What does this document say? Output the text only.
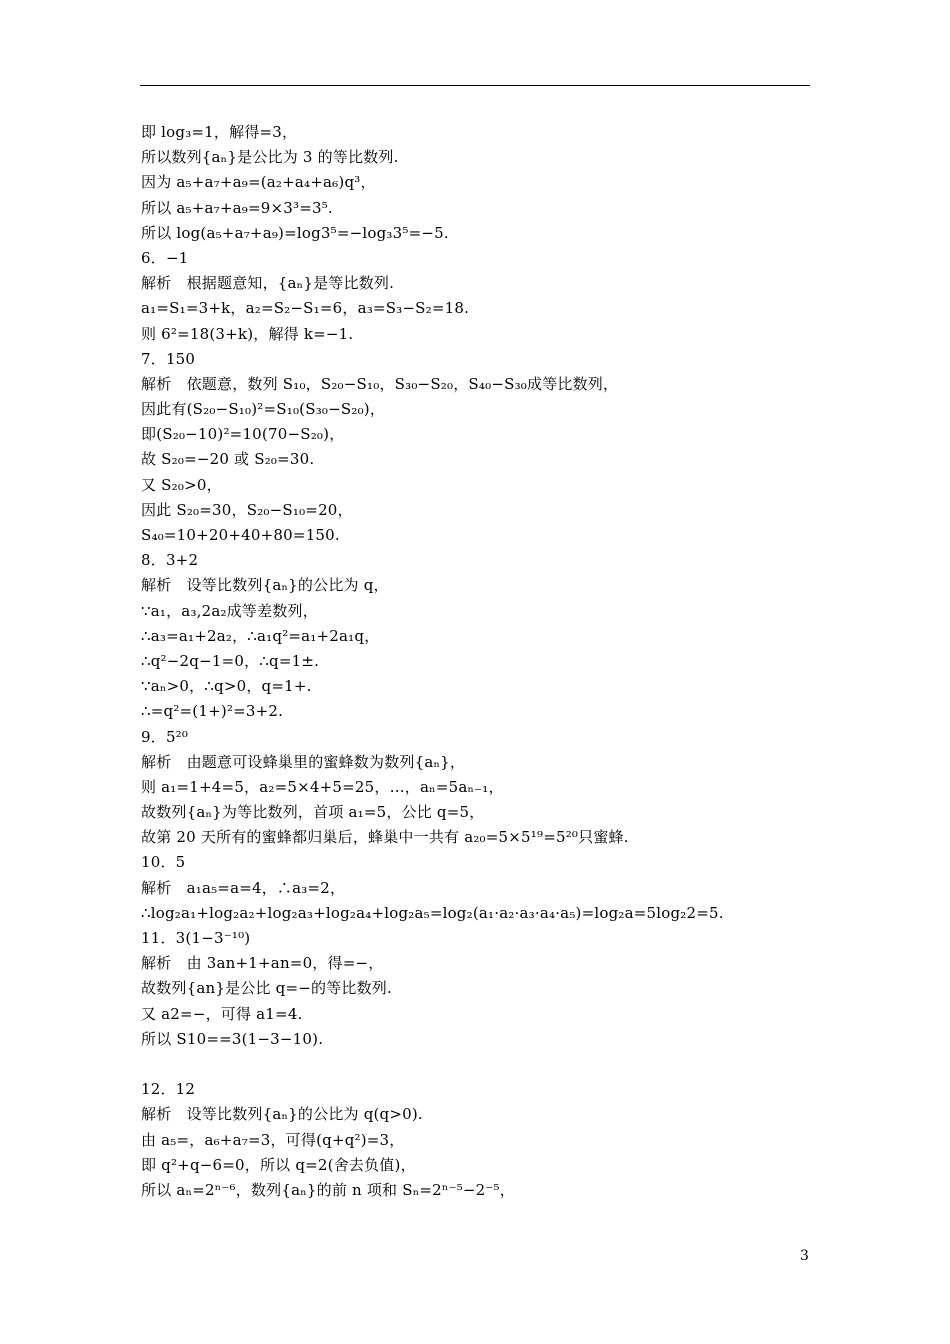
即 log₃=1，解得=3，
所以数列{aₙ}是公比为 3 的等比数列.
因为 a₅+a₇+a₉=(a₂+a₄+a₆)q³，
所以 a₅+a₇+a₉=9×3³=3⁵.
所以 log(a₅+a₇+a₉)=log3⁵=−log₃3⁵=−5.
6．−1
解析　根据题意知，{aₙ}是等比数列.
a₁=S₁=3+k，a₂=S₂−S₁=6，a₃=S₃−S₂=18.
则 6²=18(3+k)，解得 k=−1.
7．150
解析　依题意，数列 S₁₀，S₂₀−S₁₀，S₃₀−S₂₀，S₄₀−S₃₀成等比数列，
因此有(S₂₀−S₁₀)²=S₁₀(S₃₀−S₂₀)，
即(S₂₀−10)²=10(70−S₂₀)，
故 S₂₀=−20 或 S₂₀=30.
又 S₂₀>0，
因此 S₂₀=30，S₂₀−S₁₀=20，
S₄₀=10+20+40+80=150.
8．3+2
解析　设等比数列{aₙ}的公比为 q，
∵a₁，a₃,2a₂成等差数列，
∴a₃=a₁+2a₂，∴a₁q²=a₁+2a₁q，
∴q²−2q−1=0，∴q=1±.
∵aₙ>0，∴q>0，q=1+.
∴=q²=(1+)²=3+2.
9．5²⁰
解析　由题意可设蜂巢里的蜜蜂数为数列{aₙ}，
则 a₁=1+4=5，a₂=5×4+5=25，…，aₙ=5aₙ₋₁，
故数列{aₙ}为等比数列，首项 a₁=5，公比 q=5，
故第 20 天所有的蜜蜂都归巢后，蜂巢中一共有 a₂₀=5×5¹⁹=5²⁰只蜜蜂.
10．5
解析　a₁a₅=a=4，∴a₃=2，
∴log₂a₁+log₂a₂+log₂a₃+log₂a₄+log₂a₅=log₂(a₁·a₂·a₃·a₄·a₅)=log₂a=5log₂2=5.
11．3(1−3⁻¹⁰)
解析　由 3an+1+an=0，得=−，
故数列{an}是公比 q=−的等比数列.
又 a2=−，可得 a1=4.
所以 S10==3(1−3−10).
12．12
解析　设等比数列{aₙ}的公比为 q(q>0).
由 a₅=，a₆+a₇=3，可得(q+q²)=3，
即 q²+q−6=0，所以 q=2(舍去负值)，
所以 aₙ=2ⁿ⁻⁶，数列{aₙ}的前 n 项和 Sₙ=2ⁿ⁻⁵−2⁻⁵，
3
